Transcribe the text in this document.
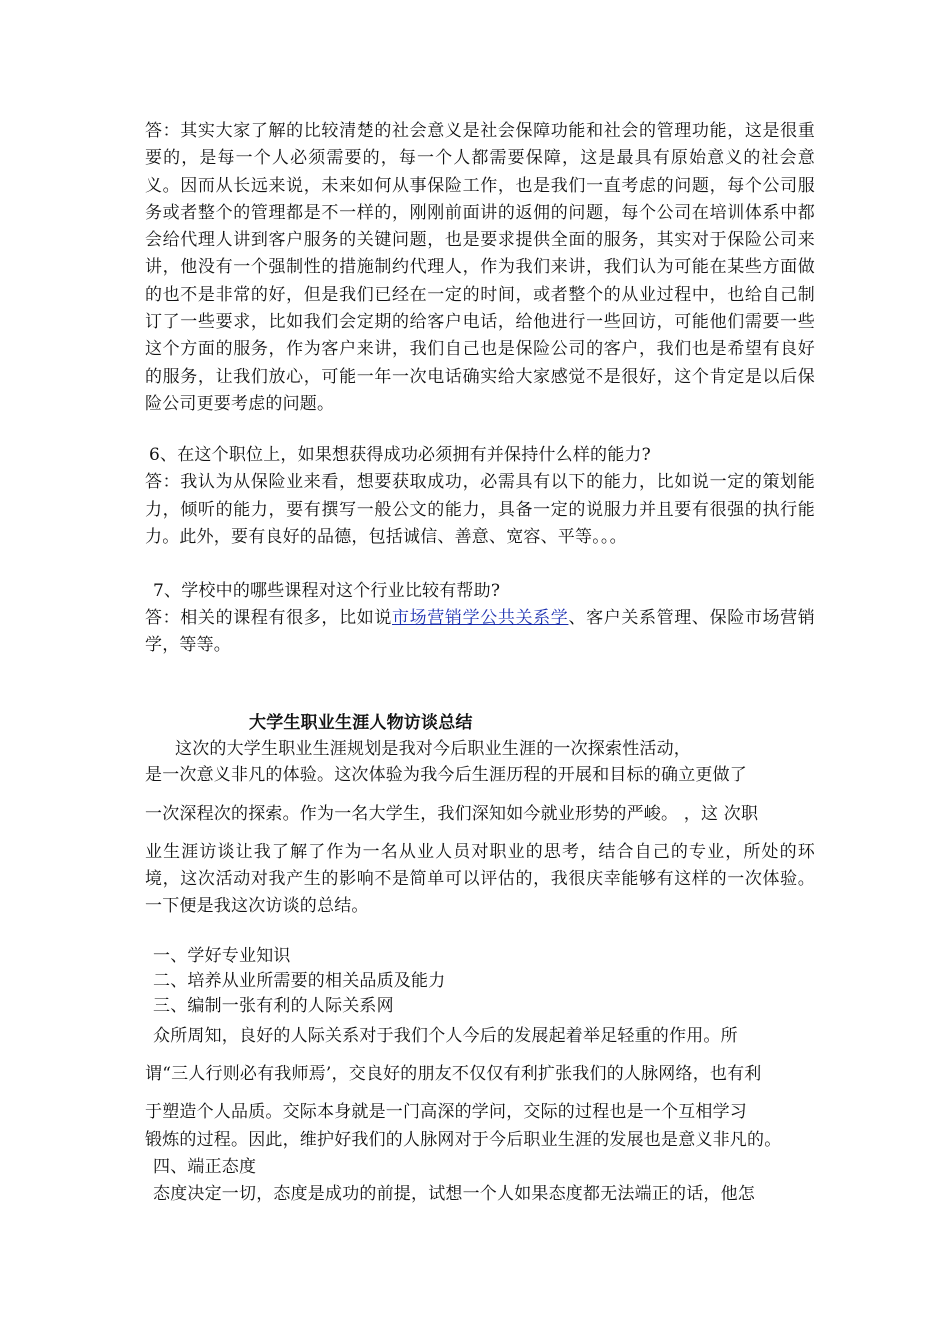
答：其实大家了解的比较清楚的社会意义是社会保障功能和社会的管理功能，这是很重要的，是每一个人必须需要的，每一个人都需要保障，这是最具有原始意义的社会意义。因而从长远来说，未来如何从事保险工作，也是我们一直考虑的问题，每个公司服务或者整个的管理都是不一样的，刚刚前面讲的返佣的问题，每个公司在培训体系中都会给代理人讲到客户服务的关键问题，也是要求提供全面的服务，其实对于保险公司来讲，他没有一个强制性的措施制约代理人，作为我们来讲，我们认为可能在某些方面做的也不是非常的好，但是我们已经在一定的时间，或者整个的从业过程中，也给自己制订了一些要求，比如我们会定期的给客户电话，给他进行一些回访，可能他们需要一些这个方面的服务，作为客户来讲，我们自己也是保险公司的客户，我们也是希望有良好的服务，让我们放心，可能一年一次电话确实给大家感觉不是很好，这个肯定是以后保险公司更要考虑的问题。

6、在这个职位上，如果想获得成功必须拥有并保持什么样的能力?

答：我认为从保险业来看，想要获取成功，必需具有以下的能力，比如说一定的策划能力，倾听的能力，要有撰写一般公文的能力，具备一定的说服力并且要有很强的执行能力。此外，要有良好的品德，包括诚信、善意、宽容、平等。。。

7、学校中的哪些课程对这个行业比较有帮助?

答：相关的课程有很多，比如说市场营销学公共关系学、客户关系管理、保险市场营销学，等等。

大学生职业生涯人物访谈总结

这次的大学生职业生涯规划是我对今后职业生涯的一次探索性活动，

是一次意义非凡的体验。这次体验为我今后生涯历程的开展和目标的确立更做了

一次深程次的探索。作为一名大学生，我们深知如今就业形势的严峻。 ，这 次职

业生涯访谈让我了解了作为一名从业人员对职业的思考，结合自己的专业，所处的环境，这次活动对我产生的影响不是简单可以评估的，我很庆幸能够有这样的一次体验。一下便是我这次访谈的总结。

一、学好专业知识

二、培养从业所需要的相关品质及能力

三、编制一张有利的人际关系网

众所周知，良好的人际关系对于我们个人今后的发展起着举足轻重的作用。所

谓“三人行则必有我师焉’，交良好的朋友不仅仅有利扩张我们的人脉网络，也有利

于塑造个人品质。交际本身就是一门高深的学问，交际的过程也是一个互相学习

锻炼的过程。因此，维护好我们的人脉网对于今后职业生涯的发展也是意义非凡的。

四、端正态度

态度决定一切，态度是成功的前提，试想一个人如果态度都无法端正的话，他怎
